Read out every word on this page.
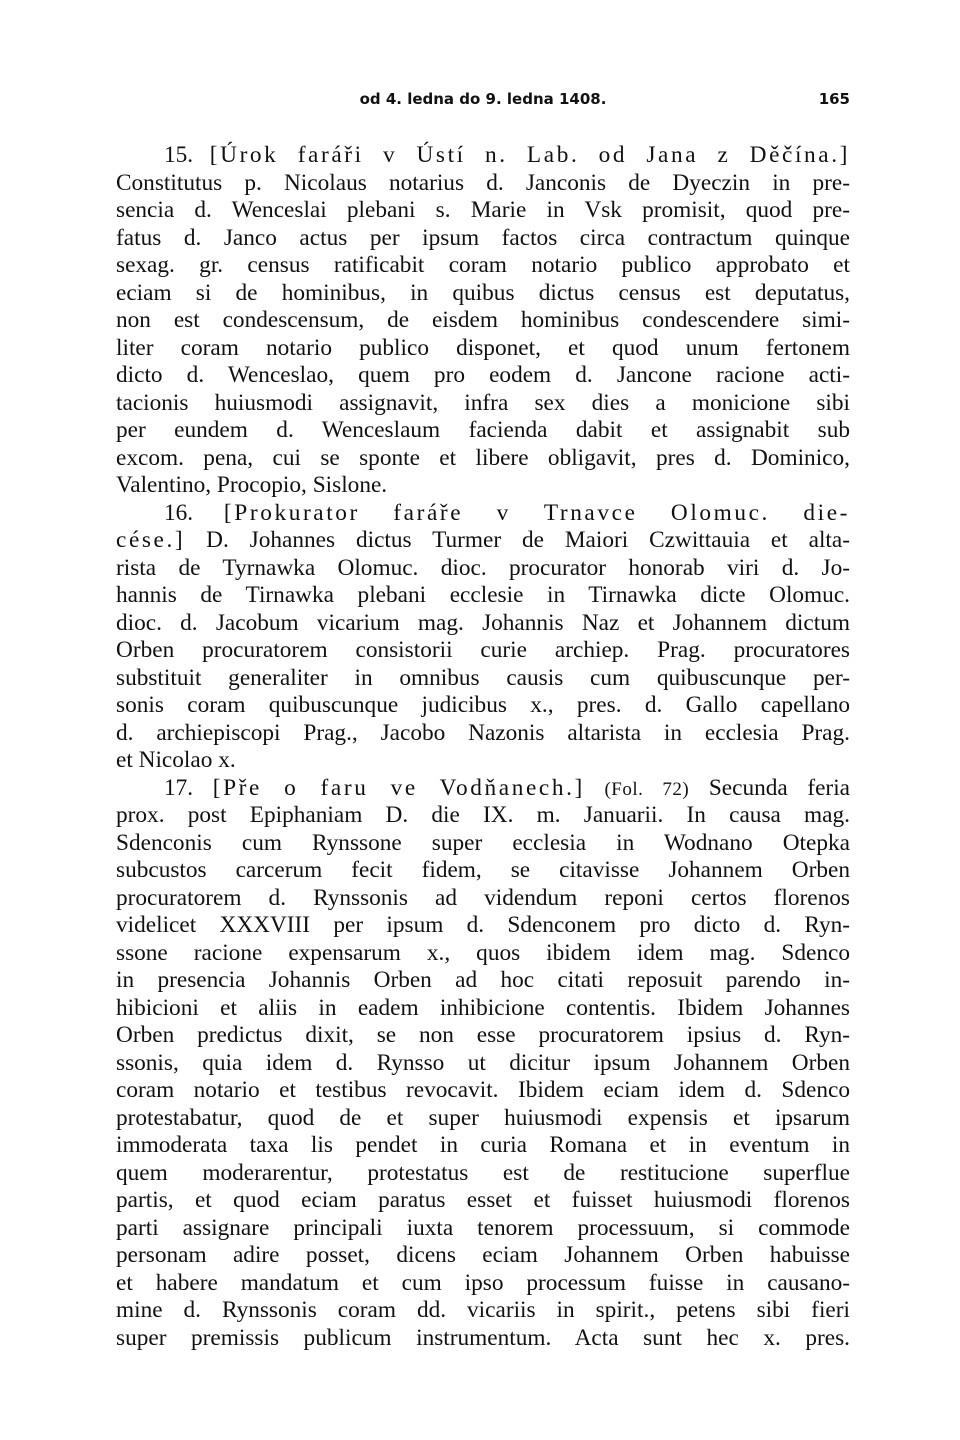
od 4. ledna do 9. ledna 1408.	165
15. [Úrok faráři v Ústí n. Lab. od Jana z Děčína.]
Constitutus p. Nicolaus notarius d. Janconis de Dyeczin in pre-
sencia d. Wenceslai plebani s. Marie in Vsk promisit, quod pre-
fatus d. Janco actus per ipsum factos circa contractum quinque
sexag. gr. census ratificabit coram notario publico approbato et
eciam si de hominibus, in quibus dictus census est deputatus,
non est condescensum, de eisdem hominibus condescendere simi-
liter coram notario publico disponet, et quod unum fertonem
dicto d. Wenceslao, quem pro eodem d. Jancone racione acti-
tacionis huiusmodi assignavit, infra sex dies a monicione sibi
per eundem d. Wenceslaum facienda dabit et assignabit sub
excom. pena, cui se sponte et libere obligavit, pres d. Dominico,
Valentino, Procopio, Sislone.
16. [Prokurator faráře v Trnavce Olomuc. die-
cése.] D. Johannes dictus Turmer de Maiori Czwittauia et alta-
rista de Tyrnawka Olomuc. dioc. procurator honorab viri d. Jo-
hannis de Tirnawka plebani ecclesie in Tirnawka dicte Olomuc.
dioc. d. Jacobum vicarium mag. Johannis Naz et Johannem dictum
Orben procuratorem consistorii curie archiep. Prag. procuratores
substituit generaliter in omnibus causis cum quibuscunque per-
sonis coram quibuscunque judicibus x., pres. d. Gallo capellano
d. archiepiscopi Prag., Jacobo Nazonis altarista in ecclesia Prag.
et Nicolao x.
17. [Pře o faru ve Vodňanech.] (Fol. 72) Secunda feria
prox. post Epiphaniam D. die IX. m. Januarii. In causa mag.
Sdenconis cum Rynssone super ecclesia in Wodnano Otepka
subcustos carcerum fecit fidem, se citavisse Johannem Orben
procuratorem d. Rynssonis ad videndum reponi certos florenos
videlicet XXXVIII per ipsum d. Sdenconem pro dicto d. Ryn-
ssone racione expensarum x., quos ibidem idem mag. Sdenco
in presencia Johannis Orben ad hoc citati reposuit parendo in-
hibicioni et aliis in eadem inhibicione contentis. Ibidem Johannes
Orben predictus dixit, se non esse procuratorem ipsius d. Ryn-
ssonis, quia idem d. Rynsso ut dicitur ipsum Johannem Orben
coram notario et testibus revocavit. Ibidem eciam idem d. Sdenco
protestabatur, quod de et super huiusmodi expensis et ipsarum
immoderata taxa lis pendet in curia Romana et in eventum in
quem moderarentur, protestatus est de restitucione superflue
partis, et quod eciam paratus esset et fuisset huiusmodi florenos
parti assignare principali iuxta tenorem processuum, si commode
personam adire posset, dicens eciam Johannem Orben habuisse
et habere mandatum et cum ipso processum fuisse in causano-
mine d. Rynssonis coram dd. vicariis in spirit., petens sibi fieri
super premissis publicum instrumentum. Acta sunt hec x. pres.
